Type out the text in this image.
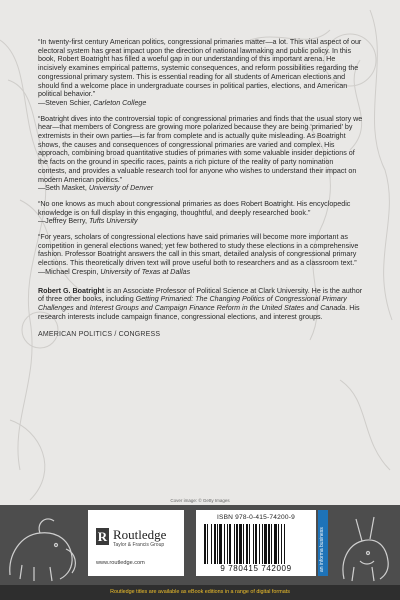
“In twenty-first century American politics, congressional primaries matter—a lot. This vital aspect of our electoral system has great impact upon the direction of national lawmaking and public policy. In this book, Robert Boatright has filled a woeful gap in our understanding of this important arena. He incisively examines empirical patterns, systemic consequences, and reform possibilities regarding the congressional primary system. This is essential reading for all students of American elections and should find a welcome place in undergraduate courses in political parties, elections, and American political behavior.”
—Steven Schier, Carleton College
“Boatright dives into the controversial topic of congressional primaries and finds that the usual story we hear—that members of Congress are growing more polarized because they are being ‘primaried’ by extremists in their own parties—is far from complete and is actually quite misleading. As Boatright shows, the causes and consequences of congressional primaries are varied and complex. His approach, combining broad quantitative studies of primaries with some valuable insider depictions of the facts on the ground in specific races, paints a rich picture of the reality of party nomination contests, and provides a valuable research tool for anyone who wishes to understand their impact on modern American politics.”
—Seth Masket, University of Denver
“No one knows as much about congressional primaries as does Robert Boatright. His encyclopedic knowledge is on full display in this engaging, thoughtful, and deeply researched book.”
—Jeffrey Berry, Tufts University
“For years, scholars of congressional elections have said primaries will become more important as competition in general elections waned; yet few bothered to study these elections in a comprehensive fashion. Professor Boatright answers the call in this smart, detailed analysis of congressional primary elections. This theoretically driven text will prove useful both to researchers and as a classroom text.”
—Michael Crespin, University of Texas at Dallas
Robert G. Boatright is an Associate Professor of Political Science at Clark University. He is the author of three other books, including Getting Primaried: The Changing Politics of Congressional Primary Challenges and Interest Groups and Campaign Finance Reform in the United States and Canada. His research interests include campaign finance, congressional elections, and interest groups.
AMERICAN POLITICS / CONGRESS
Cover image: © Getty Images
R Routledge
Taylor & Francis Group
www.routledge.com
ISBN 978-0-415-74200-9
9 780415 742009	an informa business
Routledge titles are available as eBook editions in a range of digital formats
